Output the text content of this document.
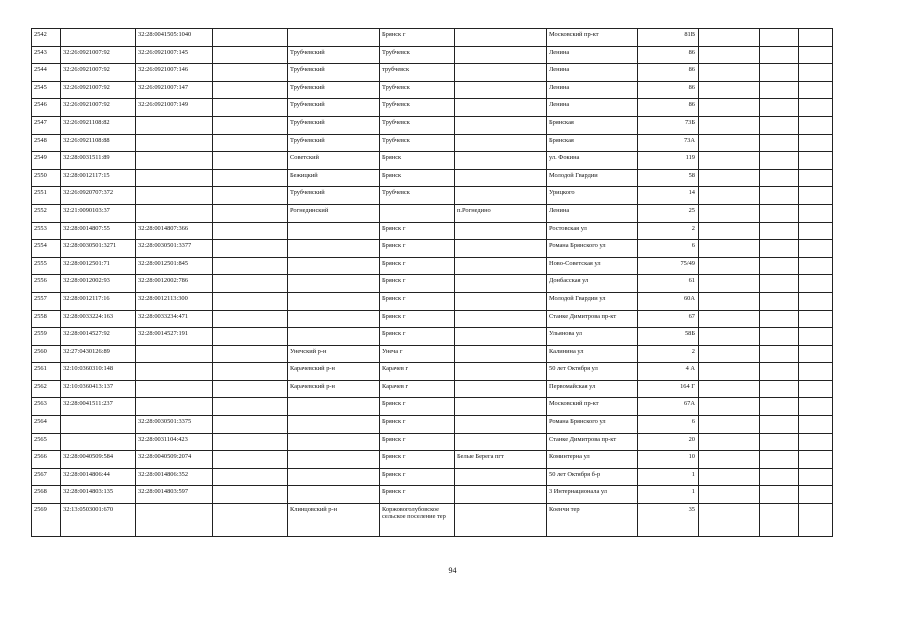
2542		32:28:0041505:1040			Брянск г		Московский пр-кт	81В			
2543	32:26:0921007:92	32:26:0921007:145		Трубчевский	Трубчевск		Ленина	86			
2544	32:26:0921007:92	32:26:0921007:146		Трубчевский	трубчевск		Ленина	86			
2545	32:26:0921007:92	32:26:0921007:147		Трубчевский	Трубчевск		Ленина	86			
2546	32:26:0921007:92	32:26:0921007:149		Трубчевский	Трубчевск		Ленина	86			
2547	32:26:0921108:82			Трубчевский	Трубчевск		Брянская	73Б			
2548	32:26:0921108:88			Трубчевский	Трубчевск		Брянская	73А			
2549	32:28:0031511:89			Советский	Брянск		ул. Фокина	119			
2550	32:28:0012117:15			Бежицкий	Брянск		Молодой Гвардии	58			
2551	32:26:0920707:372			Трубчевский	Трубчевск		Урицкого	14			
2552	32:21:0090103:37			Рогнединский		п.Рогнедино	Ленина	25			
2553	32:28:0014807:55	32:28:0014807:366			Брянск г		Ростовская ул	2			
2554	32:28:0030501:3271	32:28:0030501:3377			Брянск г		Романа Брянского ул	6			
2555	32:28:0012501:71	32:28:0012501:845			Брянск г		Ново-Советская ул	75/49			
2556	32:28:0012002:93	32:28:0012002:786			Брянск г		Донбасская ул	61			
2557	32:28:0012117:16	32:28:0012113:300			Брянск г		Молодой Гвардии ул	60А			
2558	32:28:0033224:163	32:28:0033234:471			Брянск г		Станке Димитрова пр-кт	67			
2559	32:28:0014527:92	32:28:0014527:191			Брянск г		Ульянова ул	58Б			
2560	32:27:0430126:89			Унечский р-н	Унеча г		Калинина ул	2			
2561	32:10:0360310:148			Карачевский р-н	Карачев г		50 лет Октября ул	4 А			
2562	32:10:0360413:137			Карачевский р-н	Карачев г		Первомайская ул	164 Г			
2563	32:28:0041511:237				Брянск г		Московский пр-кт	67А			
2564		32:28:0030501:3375			Брянск г		Романа Брянского ул	6			
2565		32:28:0031104:423			Брянск г		Станке Димитрова пр-кт	20			
2566	32:28:0040509:584	32:28:0040509:2074			Брянск г	Белые Берега пгт	Коминтерна ул	10			
2567	32:28:0014806:44	32:28:0014806:352			Брянск г		50 лет Октября б-р	1			
2568	32:28:0014803:135	32:28:0014803:597			Брянск г		3 Интернационала ул	1			
2569	32:13:0503001:670			Клинцовский р-н	Коржовоголубовское сельское поселение тер		Коенчи тер	35			
94
